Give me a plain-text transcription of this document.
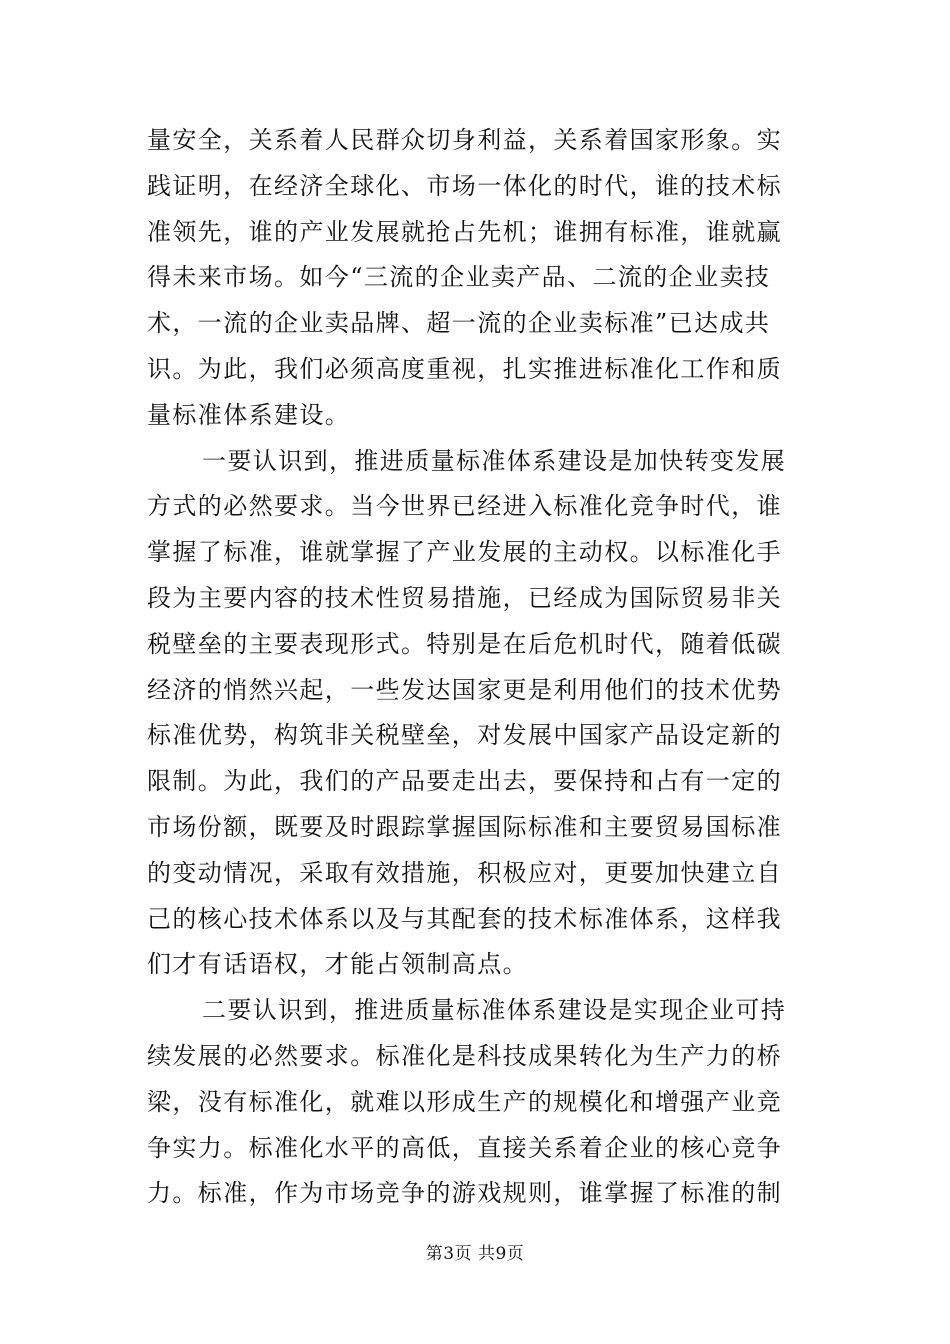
量安全，关系着人民群众切身利益，关系着国家形象。实
践证明，在经济全球化、市场一体化的时代，谁的技术标
准领先，谁的产业发展就抢占先机；谁拥有标准，谁就赢
得未来市场。如今“三流的企业卖产品、二流的企业卖技
术，一流的企业卖品牌、超一流的企业卖标准”已达成共
识。为此，我们必须高度重视，扎实推进标准化工作和质
量标准体系建设。
一要认识到，推进质量标准体系建设是加快转变发展
方式的必然要求。当今世界已经进入标准化竞争时代，谁
掌握了标准，谁就掌握了产业发展的主动权。以标准化手
段为主要内容的技术性贸易措施，已经成为国际贸易非关
税壁垒的主要表现形式。特别是在后危机时代，随着低碳
经济的悄然兴起，一些发达国家更是利用他们的技术优势
标准优势，构筑非关税壁垒，对发展中国家产品设定新的
限制。为此，我们的产品要走出去，要保持和占有一定的
市场份额，既要及时跟踪掌握国际标准和主要贸易国标准
的变动情况，采取有效措施，积极应对，更要加快建立自
己的核心技术体系以及与其配套的技术标准体系，这样我
们才有话语权，才能占领制高点。
二要认识到，推进质量标准体系建设是实现企业可持
续发展的必然要求。标准化是科技成果转化为生产力的桥
梁，没有标准化，就难以形成生产的规模化和增强产业竞
争实力。标准化水平的高低，直接关系着企业的核心竞争
力。标准，作为市场竞争的游戏规则，谁掌握了标准的制
第3页 共9页
